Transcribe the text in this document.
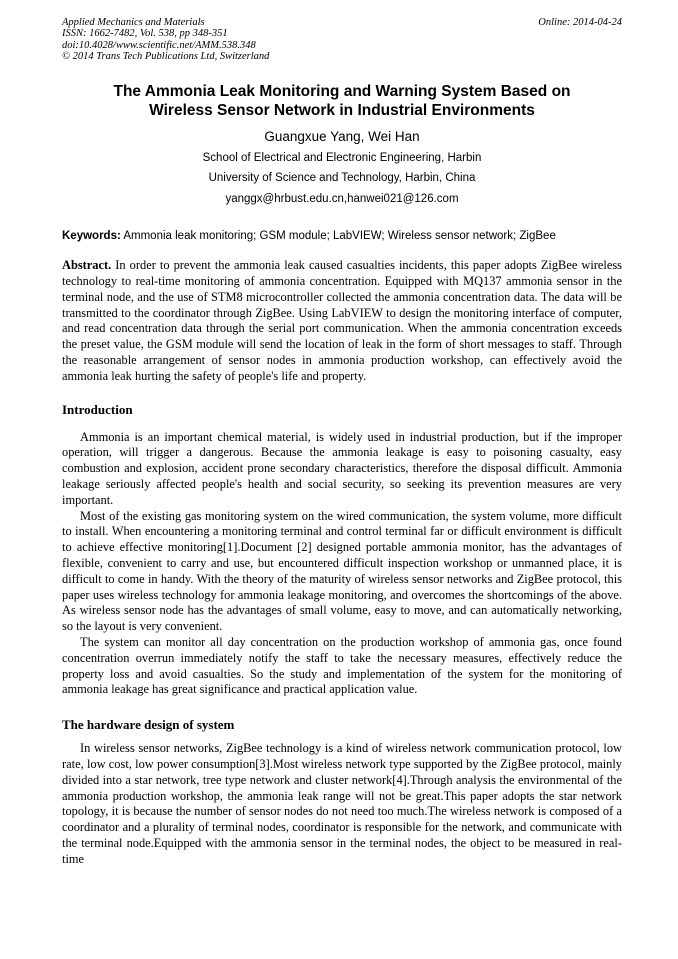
Applied Mechanics and Materials
ISSN: 1662-7482, Vol. 538, pp 348-351
doi:10.4028/www.scientific.net/AMM.538.348
© 2014 Trans Tech Publications Ltd, Switzerland
Online: 2014-04-24
The Ammonia Leak Monitoring and Warning System Based on
Wireless Sensor Network in Industrial Environments
Guangxue Yang, Wei Han
School of Electrical and Electronic Engineering, Harbin
University of Science and Technology, Harbin, China
yanggx@hrbust.edu.cn,hanwei021@126.com

Keywords: Ammonia leak monitoring; GSM module; LabVIEW; Wireless sensor network; ZigBee

Abstract. In order to prevent the ammonia leak caused casualties incidents, this paper adopts ZigBee wireless technology to real-time monitoring of ammonia concentration. Equipped with MQ137 ammonia sensor in the terminal node, and the use of STM8 microcontroller collected the ammonia concentration data. The data will be transmitted to the coordinator through ZigBee. Using LabVIEW to design the monitoring interface of computer, and read concentration data through the serial port communication. When the ammonia concentration exceeds the preset value, the GSM module will send the location of leak in the form of short messages to staff. Through the reasonable arrangement of sensor nodes in ammonia production workshop, can effectively avoid the ammonia leak hurting the safety of people's life and property.

Introduction

Ammonia is an important chemical material, is widely used in industrial production, but if the improper operation, will trigger a dangerous. Because the ammonia leakage is easy to poisoning casualty, easy combustion and explosion, accident prone secondary characteristics, therefore the disposal difficult. Ammonia leakage seriously affected people's health and social security, so seeking its prevention measures are very important.

Most of the existing gas monitoring system on the wired communication, the system volume, more difficult to install. When encountering a monitoring terminal and control terminal far or difficult environment is difficult to achieve effective monitoring[1].Document [2] designed portable ammonia monitor, has the advantages of flexible, convenient to carry and use, but encountered difficult inspection workshop or unmanned place, it is difficult to come in handy. With the theory of the maturity of wireless sensor networks and ZigBee protocol, this paper uses wireless technology for ammonia leakage monitoring, and overcomes the shortcomings of the above. As wireless sensor node has the advantages of small volume, easy to move, and can automatically networking, so the layout is very convenient.

The system can monitor all day concentration on the production workshop of ammonia gas, once found concentration overrun immediately notify the staff to take the necessary measures, effectively reduce the property loss and avoid casualties. So the study and implementation of the system for the monitoring of ammonia leakage has great significance and practical application value.

The hardware design of system

In wireless sensor networks, ZigBee technology is a kind of wireless network communication protocol, low rate, low cost, low power consumption[3].Most wireless network type supported by the ZigBee protocol, mainly divided into a star network, tree type network and cluster network[4].Through analysis the environmental of the ammonia production workshop, the ammonia leak range will not be great.This paper adopts the star network topology, it is because the number of sensor nodes do not need too much.The wireless network is composed of a coordinator and a plurality of terminal nodes, coordinator is responsible for the network, and communicate with the terminal node.Equipped with the ammonia sensor in the terminal nodes, the object to be measured in real-time
